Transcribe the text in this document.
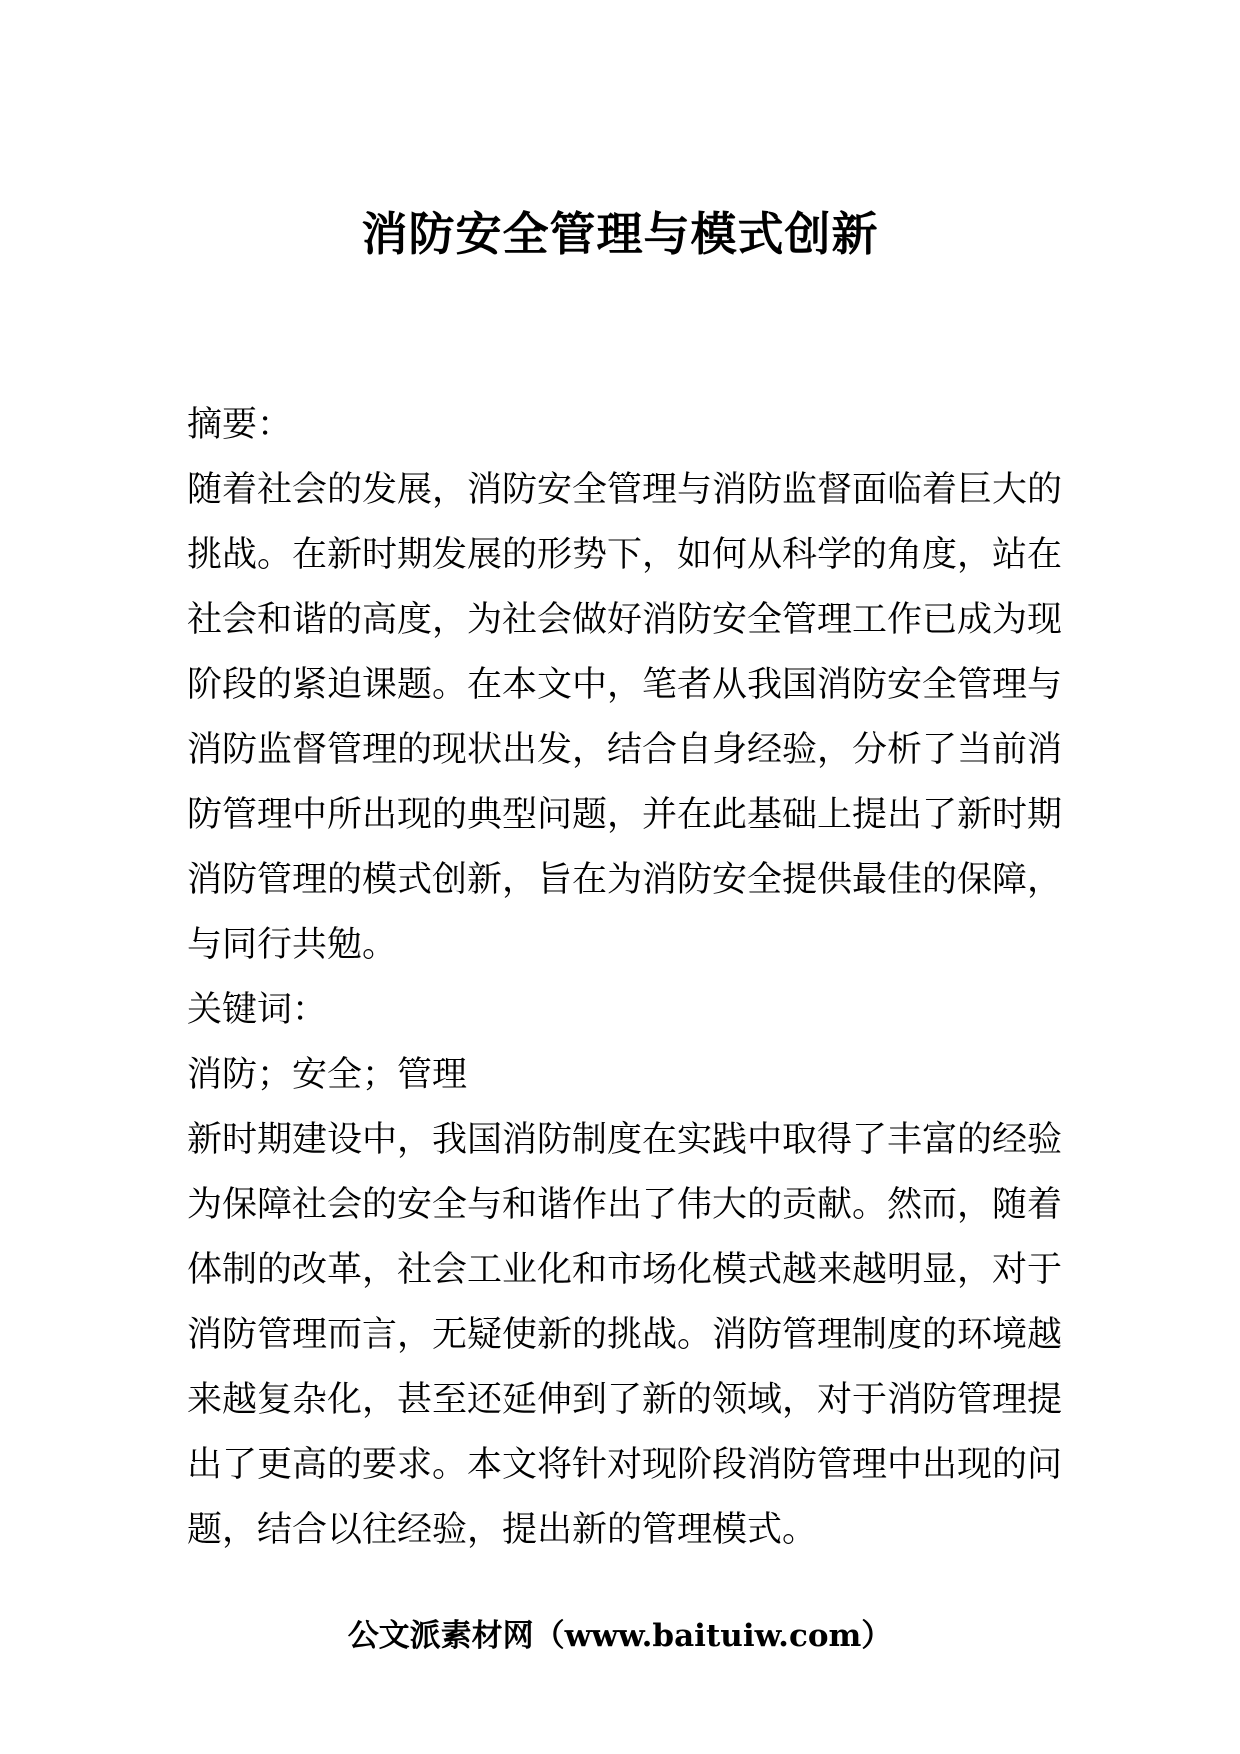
消防安全管理与模式创新
摘要：
随着社会的发展，消防安全管理与消防监督面临着巨大的
挑战。在新时期发展的形势下，如何从科学的角度，站在
社会和谐的高度，为社会做好消防安全管理工作已成为现
阶段的紧迫课题。在本文中，笔者从我国消防安全管理与
消防监督管理的现状出发，结合自身经验，分析了当前消
防管理中所出现的典型问题，并在此基础上提出了新时期
消防管理的模式创新，旨在为消防安全提供最佳的保障，
与同行共勉。
关键词：
消防；安全；管理
新时期建设中，我国消防制度在实践中取得了丰富的经验
为保障社会的安全与和谐作出了伟大的贡献。然而，随着
体制的改革，社会工业化和市场化模式越来越明显，对于
消防管理而言，无疑使新的挑战。消防管理制度的环境越
来越复杂化，甚至还延伸到了新的领域，对于消防管理提
出了更高的要求。本文将针对现阶段消防管理中出现的问
题，结合以往经验，提出新的管理模式。
公文派素材网（www.baituiw.com）
